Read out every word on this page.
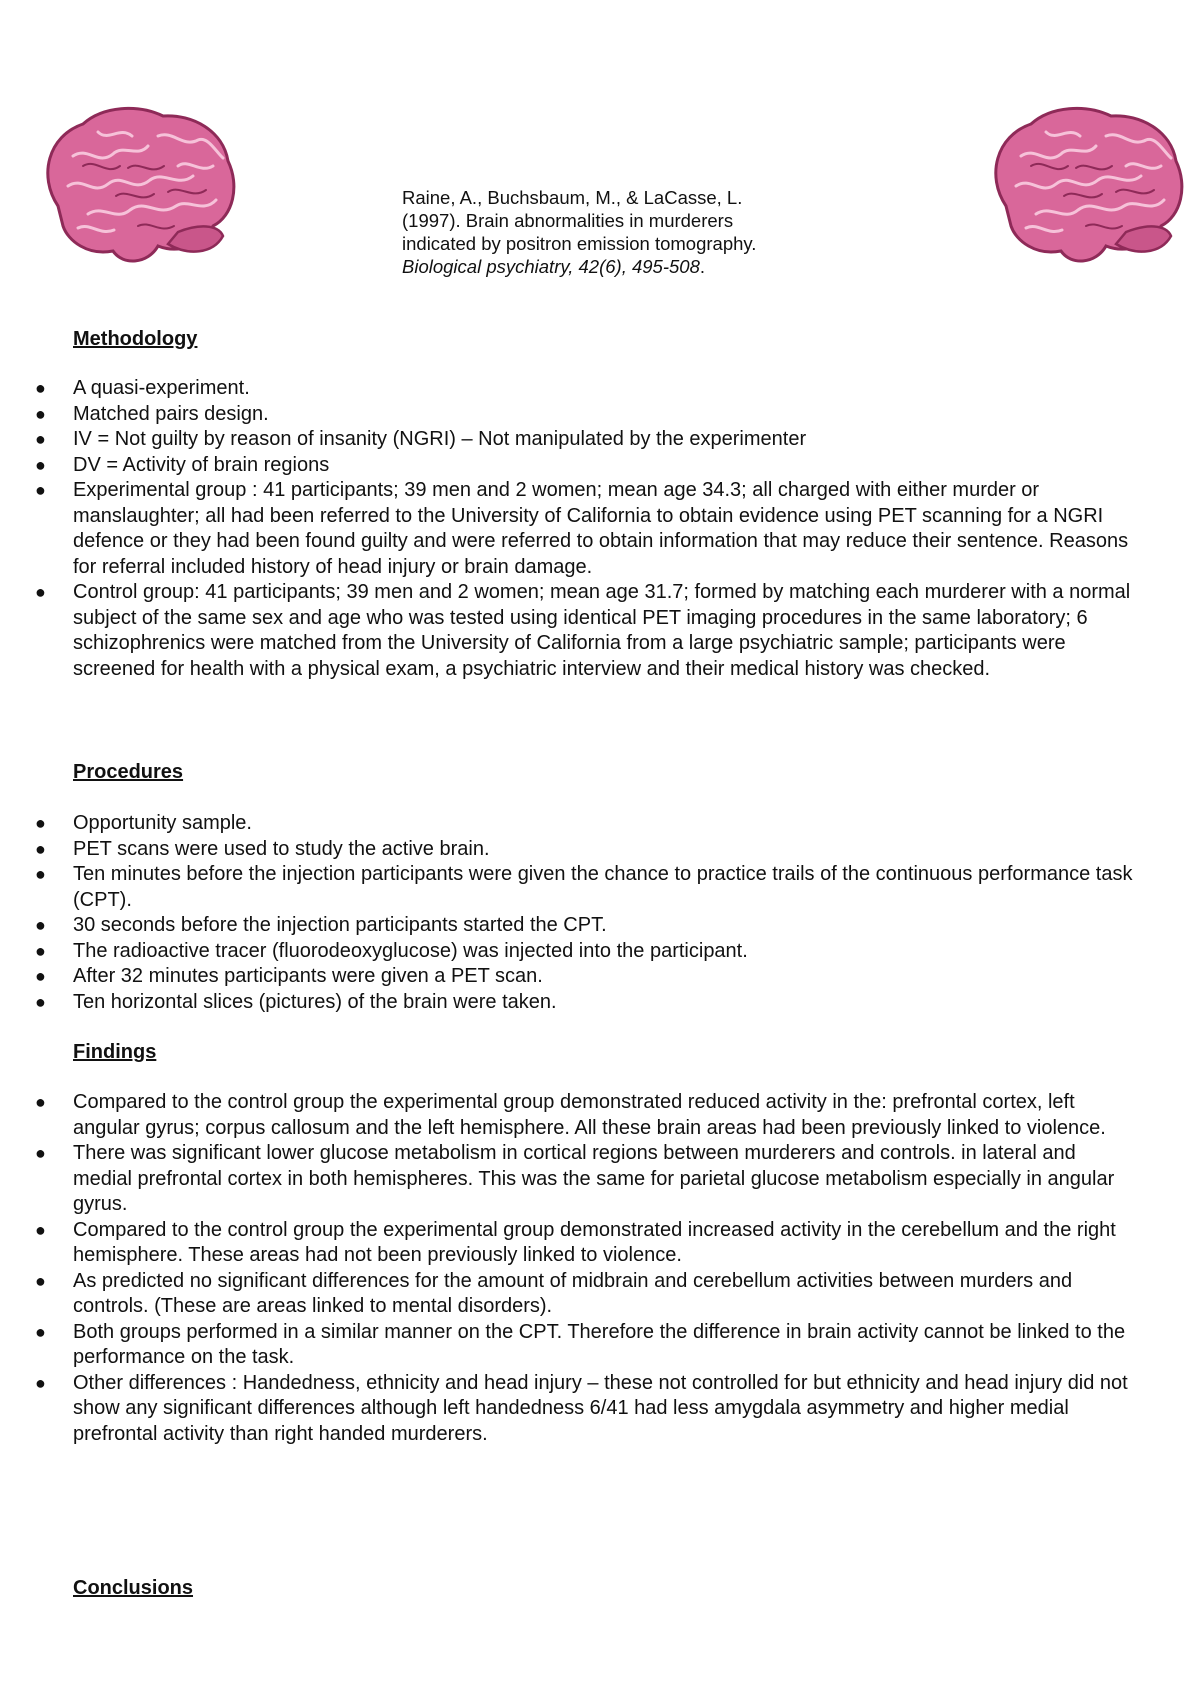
Raine, A., Buchsbaum, M., & LaCasse, L. (1997). Brain abnormalities in murderers indicated by positron emission tomography. Biological psychiatry, 42(6), 495-508.
Methodology
● A quasi-experiment.
● Matched pairs design.
● IV = Not guilty by reason of insanity (NGRI) – Not manipulated by the experimenter
● DV = Activity of brain regions
● Experimental group : 41 participants; 39 men and 2 women; mean age 34.3; all charged with either murder or manslaughter; all had been referred to the University of California to obtain evidence using PET scanning for a NGRI defence or they had been found guilty and were referred to obtain information that may reduce their sentence. Reasons for referral included history of head injury or brain damage.
● Control group: 41 participants; 39 men and 2 women; mean age 31.7; formed by matching each murderer with a normal subject of the same sex and age who was tested using identical PET imaging procedures in the same laboratory; 6 schizophrenics were matched from the University of California from a large psychiatric sample; participants were screened for health with a physical exam, a psychiatric interview and their medical history was checked.
Procedures
● Opportunity sample.
● PET scans were used to study the active brain.
● Ten minutes before the injection participants were given the chance to practice trails of the continuous performance task (CPT).
● 30 seconds before the injection participants started the CPT.
● The radioactive tracer (fluorodeoxyglucose) was injected into the participant.
● After 32 minutes participants were given a PET scan.
● Ten horizontal slices (pictures) of the brain were taken.
Findings
● Compared to the control group the experimental group demonstrated reduced activity in the: prefrontal cortex, left angular gyrus; corpus callosum and the left hemisphere. All these brain areas had been previously linked to violence.
● There was significant lower glucose metabolism in cortical regions between murderers and controls. in lateral and medial prefrontal cortex in both hemispheres. This was the same for parietal glucose metabolism especially in angular gyrus.
● Compared to the control group the experimental group demonstrated increased activity in the cerebellum and the right hemisphere. These areas had not been previously linked to violence.
● As predicted no significant differences for the amount of midbrain and cerebellum activities between murders and controls. (These are areas linked to mental disorders).
● Both groups performed in a similar manner on the CPT. Therefore the difference in brain activity cannot be linked to the performance on the task.
● Other differences : Handedness, ethnicity and head injury – these not controlled for but ethnicity and head injury did not show any significant differences although left handedness 6/41 had less amygdala asymmetry and higher medial prefrontal activity than right handed murderers.
Conclusions
